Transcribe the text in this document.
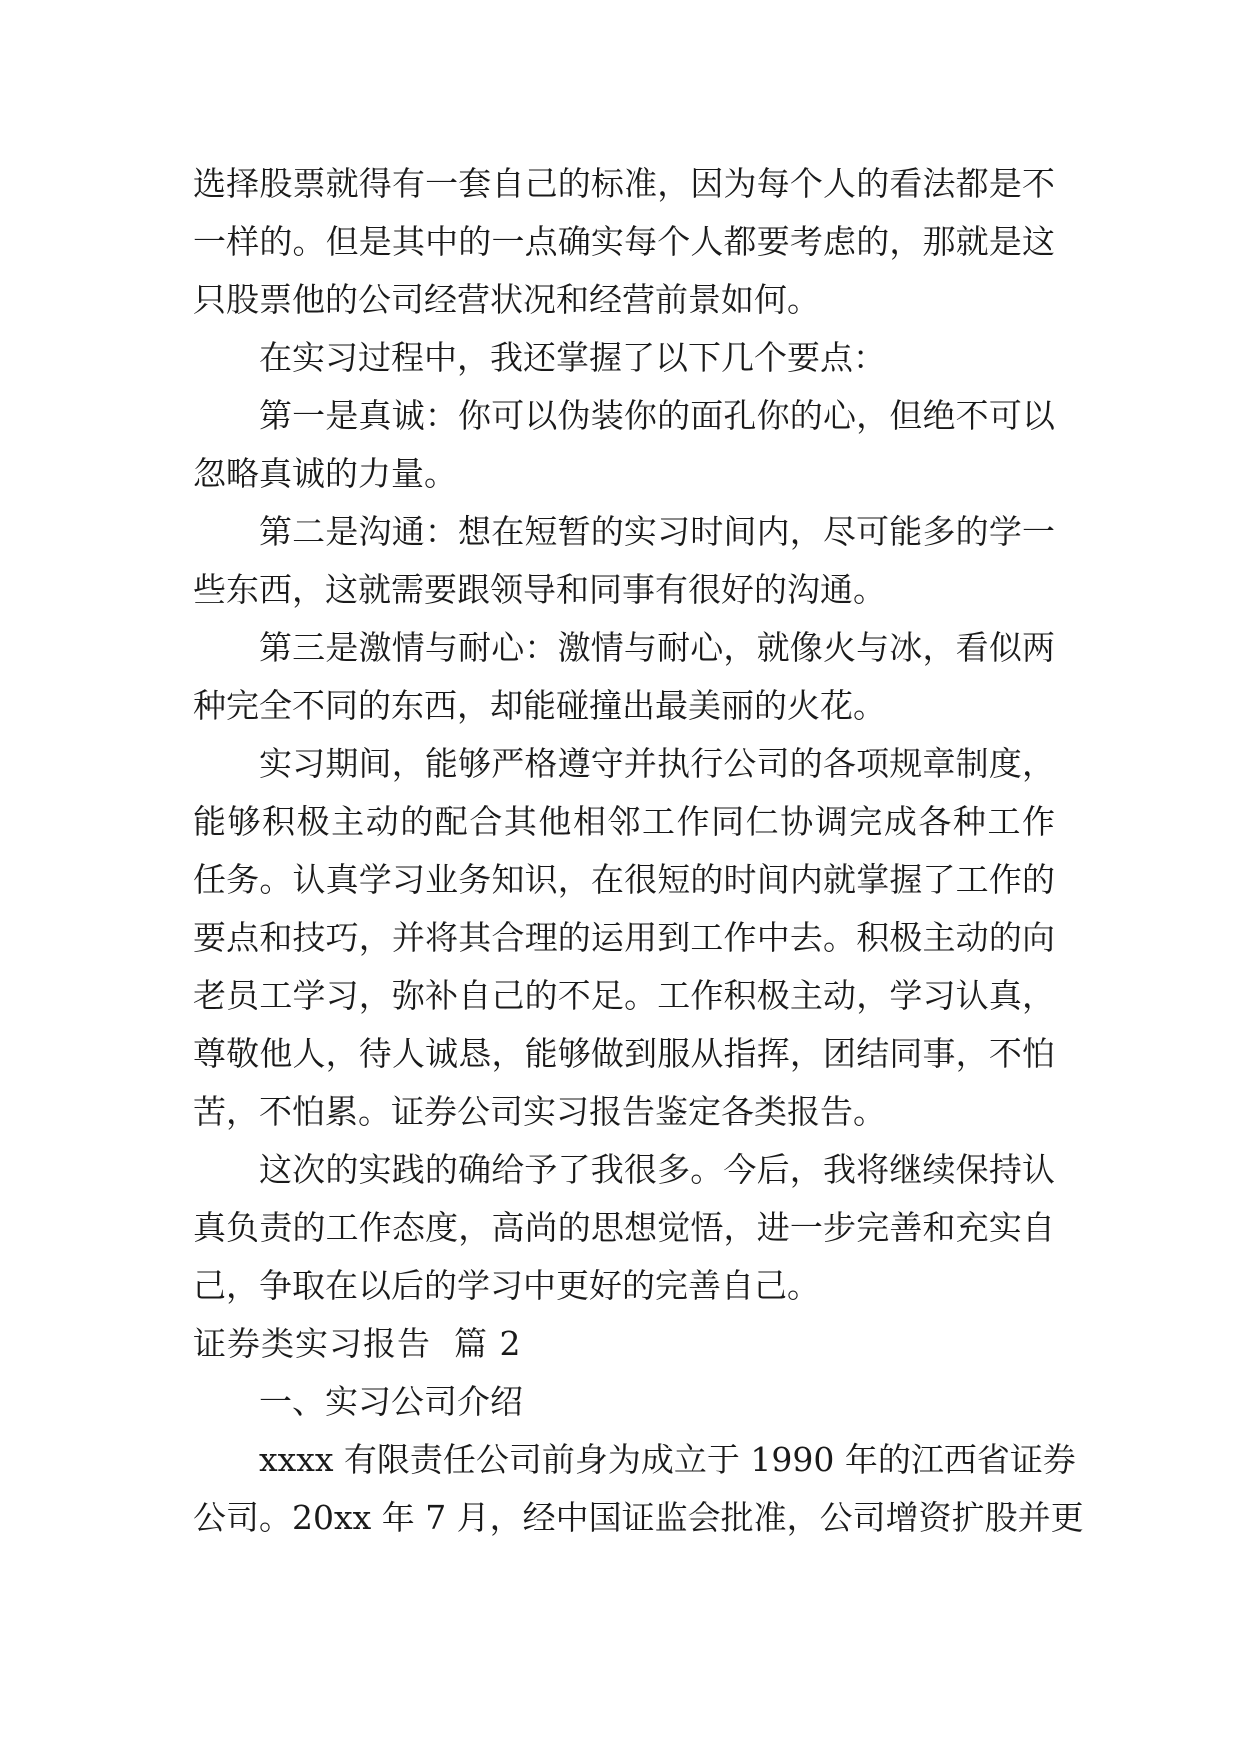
选择股票就得有一套自己的标准，因为每个人的看法都是不
一样的。但是其中的一点确实每个人都要考虑的，那就是这
只股票他的公司经营状况和经营前景如何。
在实习过程中，我还掌握了以下几个要点：
第一是真诚：你可以伪装你的面孔你的心，但绝不可以
忽略真诚的力量。
第二是沟通：想在短暂的实习时间内，尽可能多的学一
些东西，这就需要跟领导和同事有很好的沟通。
第三是激情与耐心：激情与耐心，就像火与冰，看似两
种完全不同的东西，却能碰撞出最美丽的火花。
实习期间，能够严格遵守并执行公司的各项规章制度，
能够积极主动的配合其他相邻工作同仁协调完成各种工作
任务。认真学习业务知识，在很短的时间内就掌握了工作的
要点和技巧，并将其合理的运用到工作中去。积极主动的向
老员工学习，弥补自己的不足。工作积极主动，学习认真，
尊敬他人，待人诚恳，能够做到服从指挥，团结同事，不怕
苦，不怕累。证券公司实习报告鉴定各类报告。
这次的实践的确给予了我很多。今后，我将继续保持认
真负责的工作态度，高尚的思想觉悟，进一步完善和充实自
己，争取在以后的学习中更好的完善自己。
证券类实习报告  篇 2
一、实习公司介绍
xxxx 有限责任公司前身为成立于 1990 年的江西省证券
公司。20xx 年 7 月，经中国证监会批准，公司增资扩股并更
